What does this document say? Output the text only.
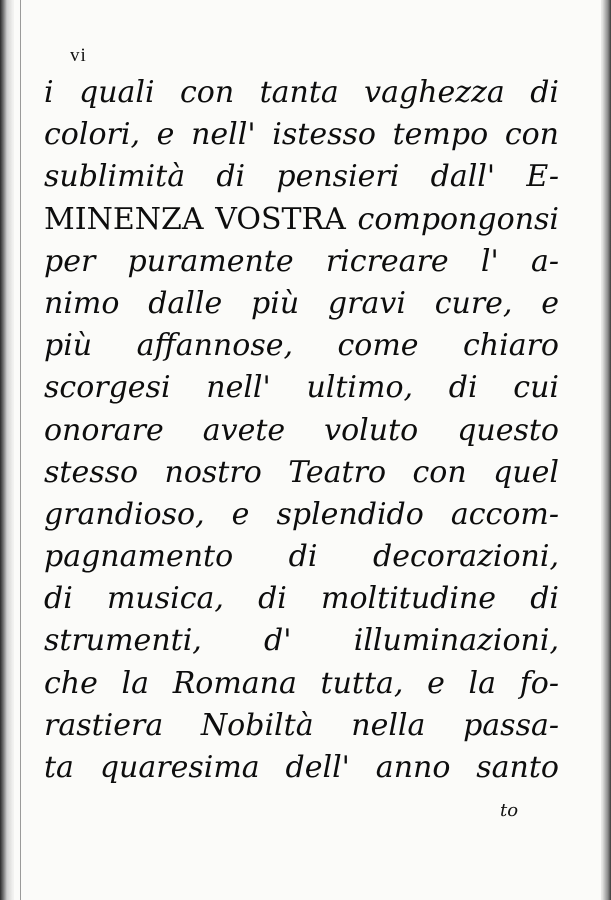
vi
i quali con tanta vaghezza di
colori, e nell' istesso tempo con
sublimità di pensieri dall' E-
MINENZA VOSTRA compongonsi
per puramente ricreare l' a-
nimo dalle più gravi cure, e
più affannose, come chiaro
scorgesi nell' ultimo, di cui
onorare avete voluto questo
stesso nostro Teatro con quel
grandioso, e splendido accom-
pagnamento di decorazioni,
di musica, di moltitudine di
strumenti, d' illuminazioni,
che la Romana tutta, e la fo-
rastiera Nobiltà nella passa-
ta quaresima dell' anno santo
to
